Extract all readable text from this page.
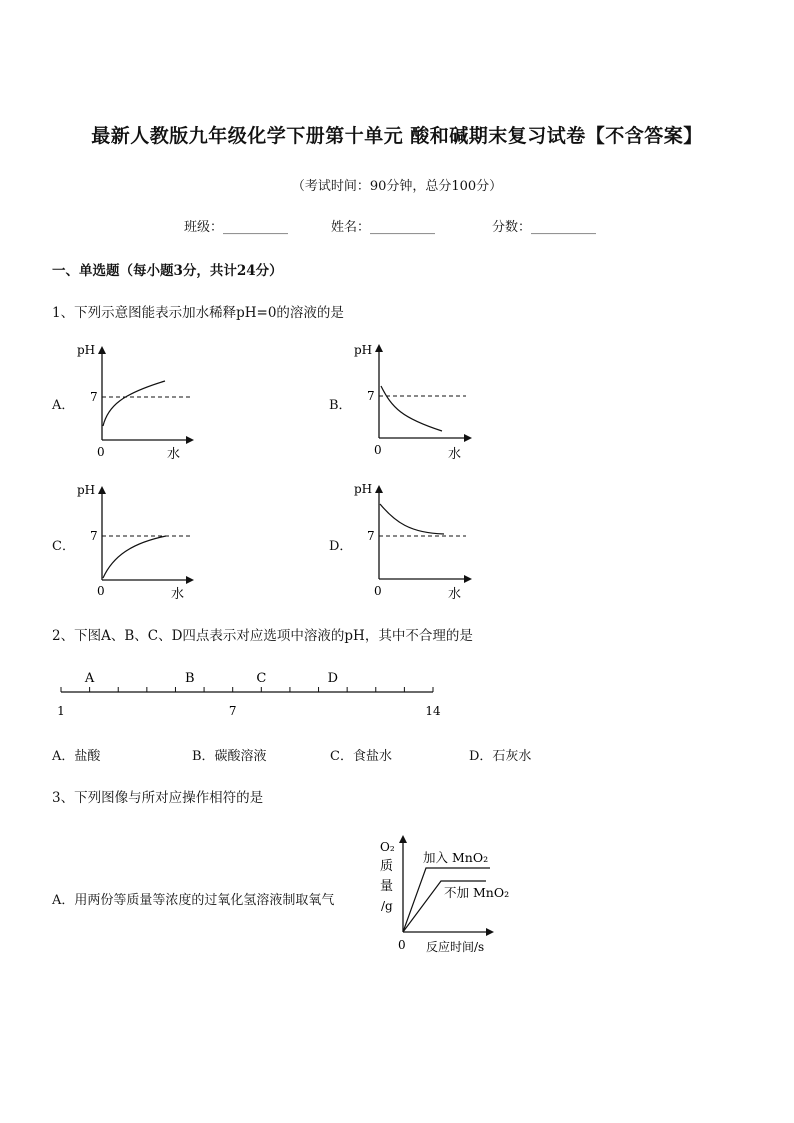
最新人教版九年级化学下册第十单元 酸和碱期末复习试卷【不含答案】
（考试时间：90分钟，总分100分）
班级：__________	姓名：__________	分数：__________
一、单选题（每小题3分，共计24分）
1、下列示意图能表示加水稀释pH=0的溶液的是
A．	B．
C．	D．
pH
7
0	水
pH
7
0	水
pH
7
0	水
pH
7
0	水
1	7	14
A	B	C	D
O₂
质
量
/g
0 反应时间/s
加入 MnO₂
不加 MnO₂
2、下图A、B、C、D四点表示对应选项中溶液的pH，其中不合理的是
A．盐酸	B．碳酸溶液	C．食盐水	D．石灰水
3、下列图像与所对应操作相符的是
A．用两份等质量等浓度的过氧化氢溶液制取氧气
